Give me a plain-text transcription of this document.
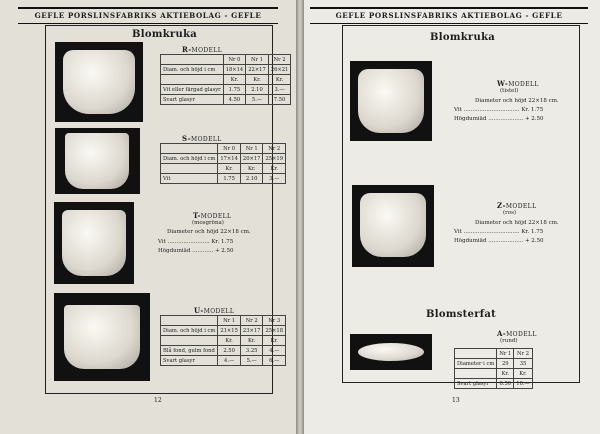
GEFLE PORSLINSFABRIKS AKTIEBOLAG - GEFLE
Blomkruka
R-MODELL
	Nr 0	Nr 1	Nr 2
Diam. och höjd i cm	18×14	22×17	26×21
	Kr.	Kr.	Kr.
Vit eller färgad glasyr	1.75	2.10	3.—
Svart glasyr	4.50	5.—	7.50
S-MODELL
	Nr 0	Nr 1	Nr 2
Diam. och höjd i cm	17×14	20×17	25×19
	Kr.	Kr.	Kr.
Vit	1.75	2.10	3.—
T-MODELL
(mosgröna)
Diameter och höjd 22×18 cm.
Vit ........................ Kr. 1.75
Högdumiäd ............ + 2.50
U-MODELL
	Nr 1	Nr 2	Nr 3
Diam. och höjd i cm	21×15	23×17	25×18
	Kr.	Kr.	Kr.
Blå fond, gulm fond	2.50	3.25	4.—
Svart glasyr	4.—	5.—	6.—
12
GEFLE PORSLINSFABRIKS AKTIEBOLAG - GEFLE
Blomkruka
W-MODELL
(tistel)
Diameter och höjd 22×18 cm.
Vit ................................ Kr. 1.75
Högdumiäd .................... + 2.50
Z-MODELL
(ros)
Diameter och höjd 22×18 cm.
Vit ................................ Kr. 1.75
Högdumiäd .................... + 2.50
Blomsterfat
A-MODELL
(rund)
	Nr 1	Nr 2
Diameter i cm	29	35
	Kr.	Kr.
Svart glasyr	6.50	10.—
13
